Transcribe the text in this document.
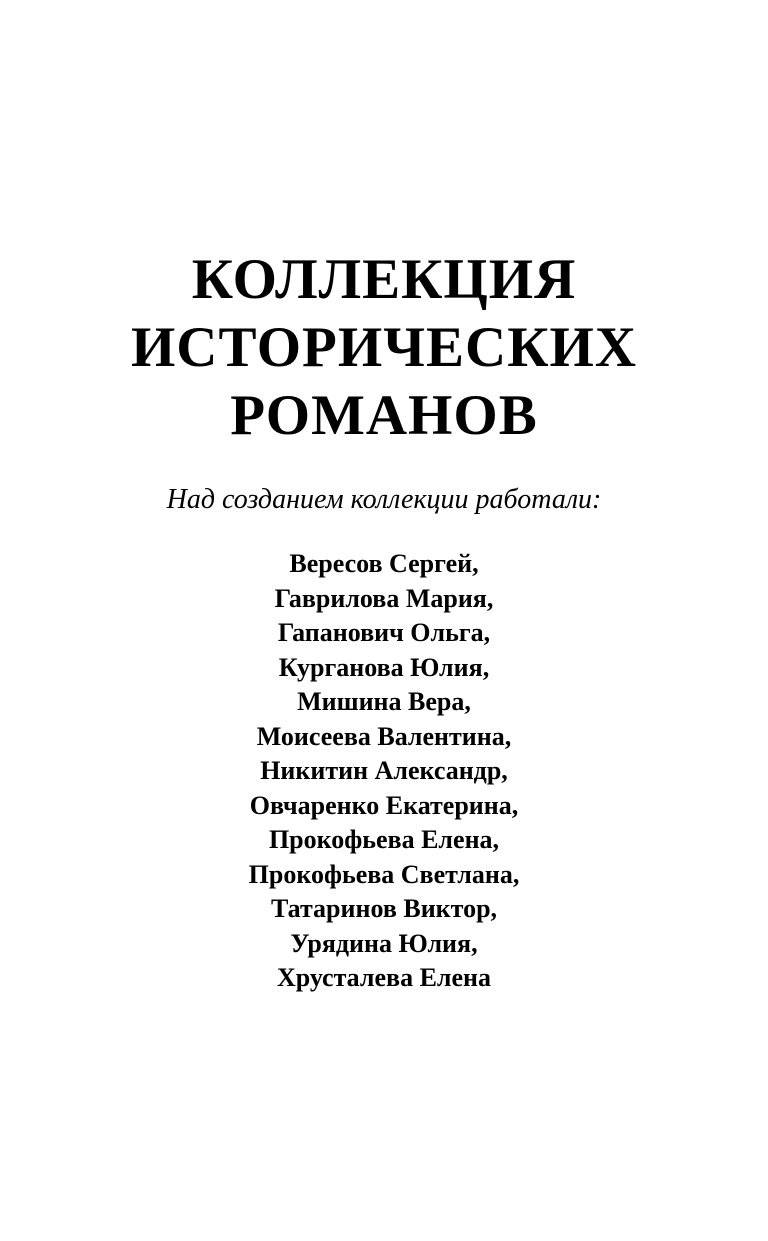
КОЛЛЕКЦИЯ
ИСТОРИЧЕСКИХ
РОМАНОВ
Над созданием коллекции работали:
Вересов Сергей,
Гаврилова Мария,
Гапанович Ольга,
Курганова Юлия,
Мишина Вера,
Моисеева Валентина,
Никитин Александр,
Овчаренко Екатерина,
Прокофьева Елена,
Прокофьева Светлана,
Татаринов Виктор,
Урядина Юлия,
Хрусталева Елена
